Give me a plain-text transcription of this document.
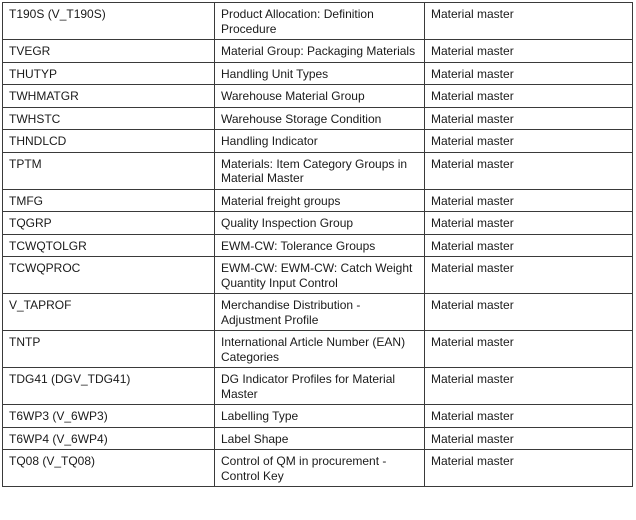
T190S (V_T190S)	Product Allocation: Definition Procedure	Material master
TVEGR	Material Group: Packaging Materials	Material master
THUTYP	Handling Unit Types	Material master
TWHMATGR	Warehouse Material Group	Material master
TWHSTC	Warehouse Storage Condition	Material master
THNDLCD	Handling Indicator	Material master
TPTM	Materials: Item Category Groups in Material Master	Material master
TMFG	Material freight groups	Material master
TQGRP	Quality Inspection Group	Material master
TCWQTOLGR	EWM-CW: Tolerance Groups	Material master
TCWQPROC	EWM-CW: EWM-CW: Catch Weight Quantity Input Control	Material master
V_TAPROF	Merchandise Distribution - Adjustment Profile	Material master
TNTP	International Article Number (EAN) Categories	Material master
TDG41 (DGV_TDG41)	DG Indicator Profiles for Material Master	Material master
T6WP3 (V_6WP3)	Labelling Type	Material master
T6WP4 (V_6WP4)	Label Shape	Material master
TQ08 (V_TQ08)	Control of QM in procurement - Control Key	Material master
